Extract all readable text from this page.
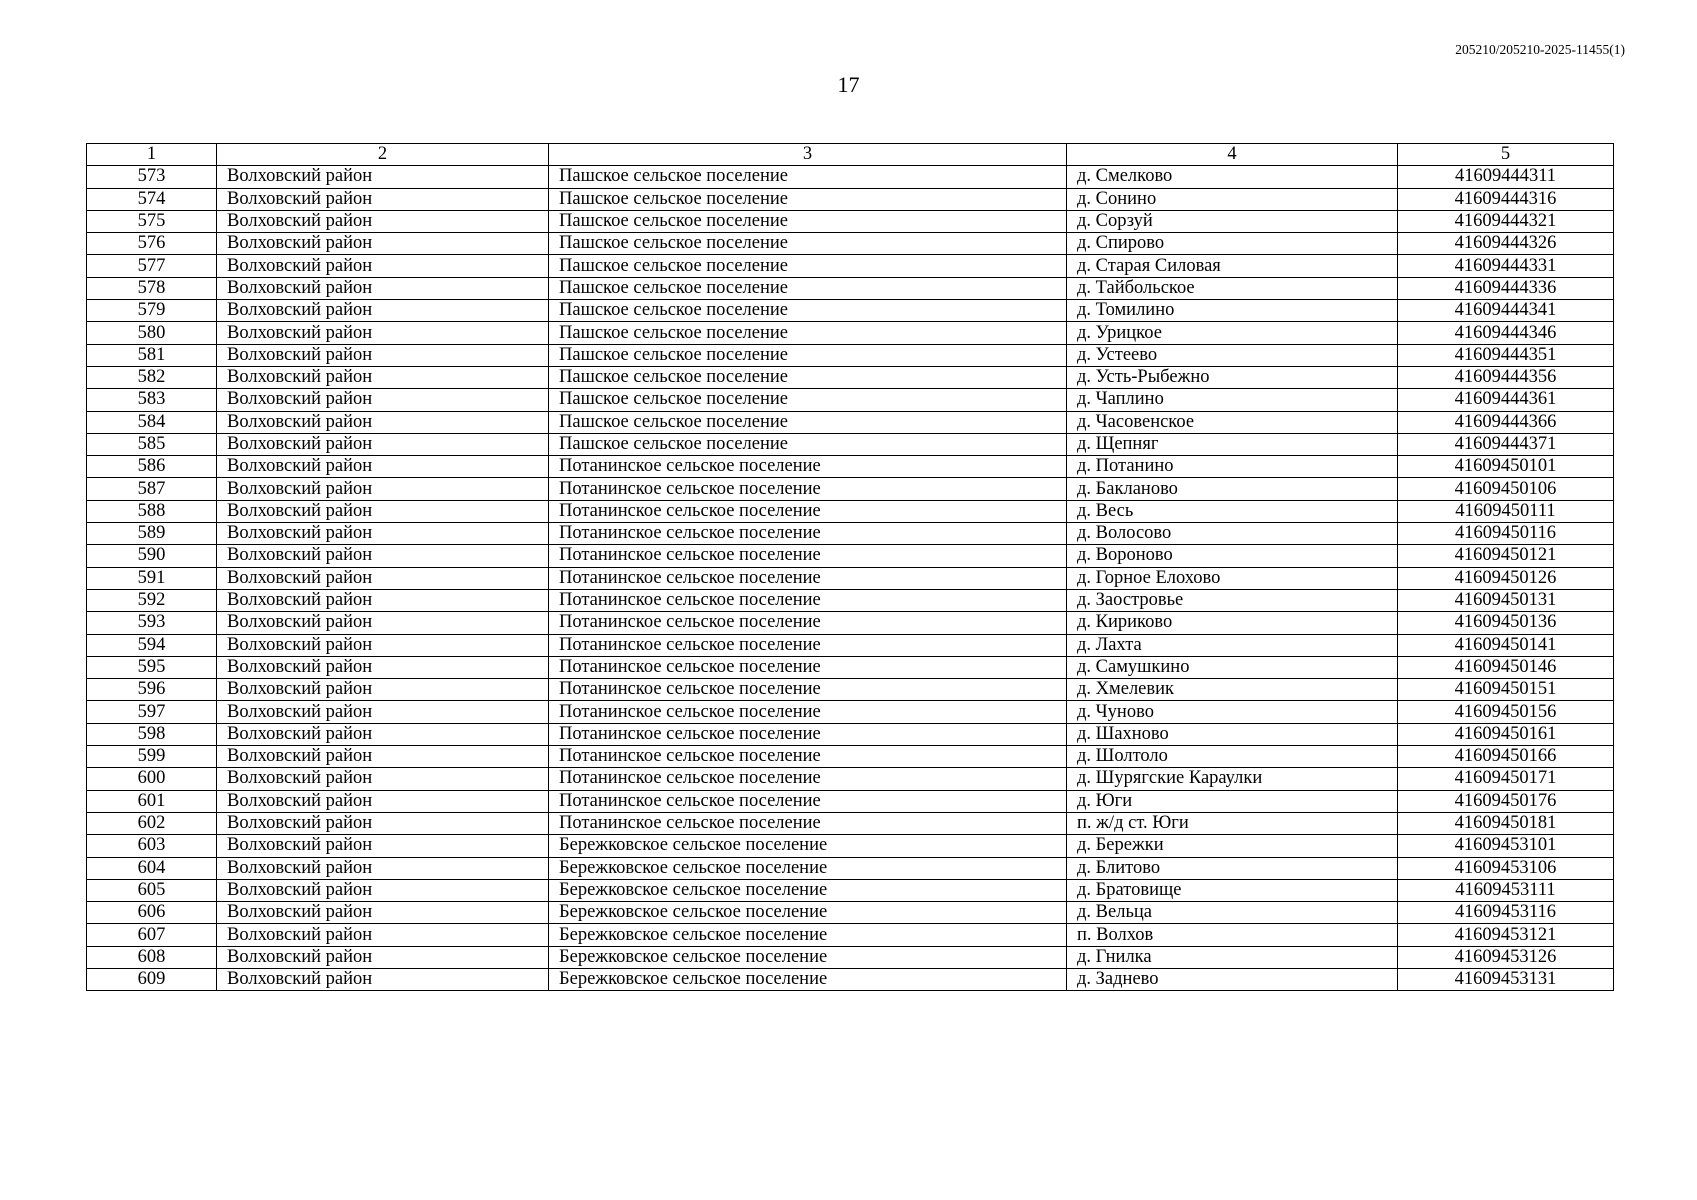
205210/205210-2025-11455(1)
17
1	2	3	4	5
573	Волховский район	Пашское сельское поселение	д. Смелково	41609444311
574	Волховский район	Пашское сельское поселение	д. Сонино	41609444316
575	Волховский район	Пашское сельское поселение	д. Сорзуй	41609444321
576	Волховский район	Пашское сельское поселение	д. Спирово	41609444326
577	Волховский район	Пашское сельское поселение	д. Старая Силовая	41609444331
578	Волховский район	Пашское сельское поселение	д. Тайбольское	41609444336
579	Волховский район	Пашское сельское поселение	д. Томилино	41609444341
580	Волховский район	Пашское сельское поселение	д. Урицкое	41609444346
581	Волховский район	Пашское сельское поселение	д. Устеево	41609444351
582	Волховский район	Пашское сельское поселение	д. Усть-Рыбежно	41609444356
583	Волховский район	Пашское сельское поселение	д. Чаплино	41609444361
584	Волховский район	Пашское сельское поселение	д. Часовенское	41609444366
585	Волховский район	Пашское сельское поселение	д. Щепняг	41609444371
586	Волховский район	Потанинское сельское поселение	д. Потанино	41609450101
587	Волховский район	Потанинское сельское поселение	д. Бакланово	41609450106
588	Волховский район	Потанинское сельское поселение	д. Весь	41609450111
589	Волховский район	Потанинское сельское поселение	д. Волосово	41609450116
590	Волховский район	Потанинское сельское поселение	д. Вороново	41609450121
591	Волховский район	Потанинское сельское поселение	д. Горное Елохово	41609450126
592	Волховский район	Потанинское сельское поселение	д. Заостровье	41609450131
593	Волховский район	Потанинское сельское поселение	д. Кириково	41609450136
594	Волховский район	Потанинское сельское поселение	д. Лахта	41609450141
595	Волховский район	Потанинское сельское поселение	д. Самушкино	41609450146
596	Волховский район	Потанинское сельское поселение	д. Хмелевик	41609450151
597	Волховский район	Потанинское сельское поселение	д. Чуново	41609450156
598	Волховский район	Потанинское сельское поселение	д. Шахново	41609450161
599	Волховский район	Потанинское сельское поселение	д. Шолтоло	41609450166
600	Волховский район	Потанинское сельское поселение	д. Шурягские Караулки	41609450171
601	Волховский район	Потанинское сельское поселение	д. Юги	41609450176
602	Волховский район	Потанинское сельское поселение	п. ж/д ст. Юги	41609450181
603	Волховский район	Бережковское сельское поселение	д. Бережки	41609453101
604	Волховский район	Бережковское сельское поселение	д. Блитово	41609453106
605	Волховский район	Бережковское сельское поселение	д. Братовище	41609453111
606	Волховский район	Бережковское сельское поселение	д. Вельца	41609453116
607	Волховский район	Бережковское сельское поселение	п. Волхов	41609453121
608	Волховский район	Бережковское сельское поселение	д. Гнилка	41609453126
609	Волховский район	Бережковское сельское поселение	д. Заднево	41609453131
